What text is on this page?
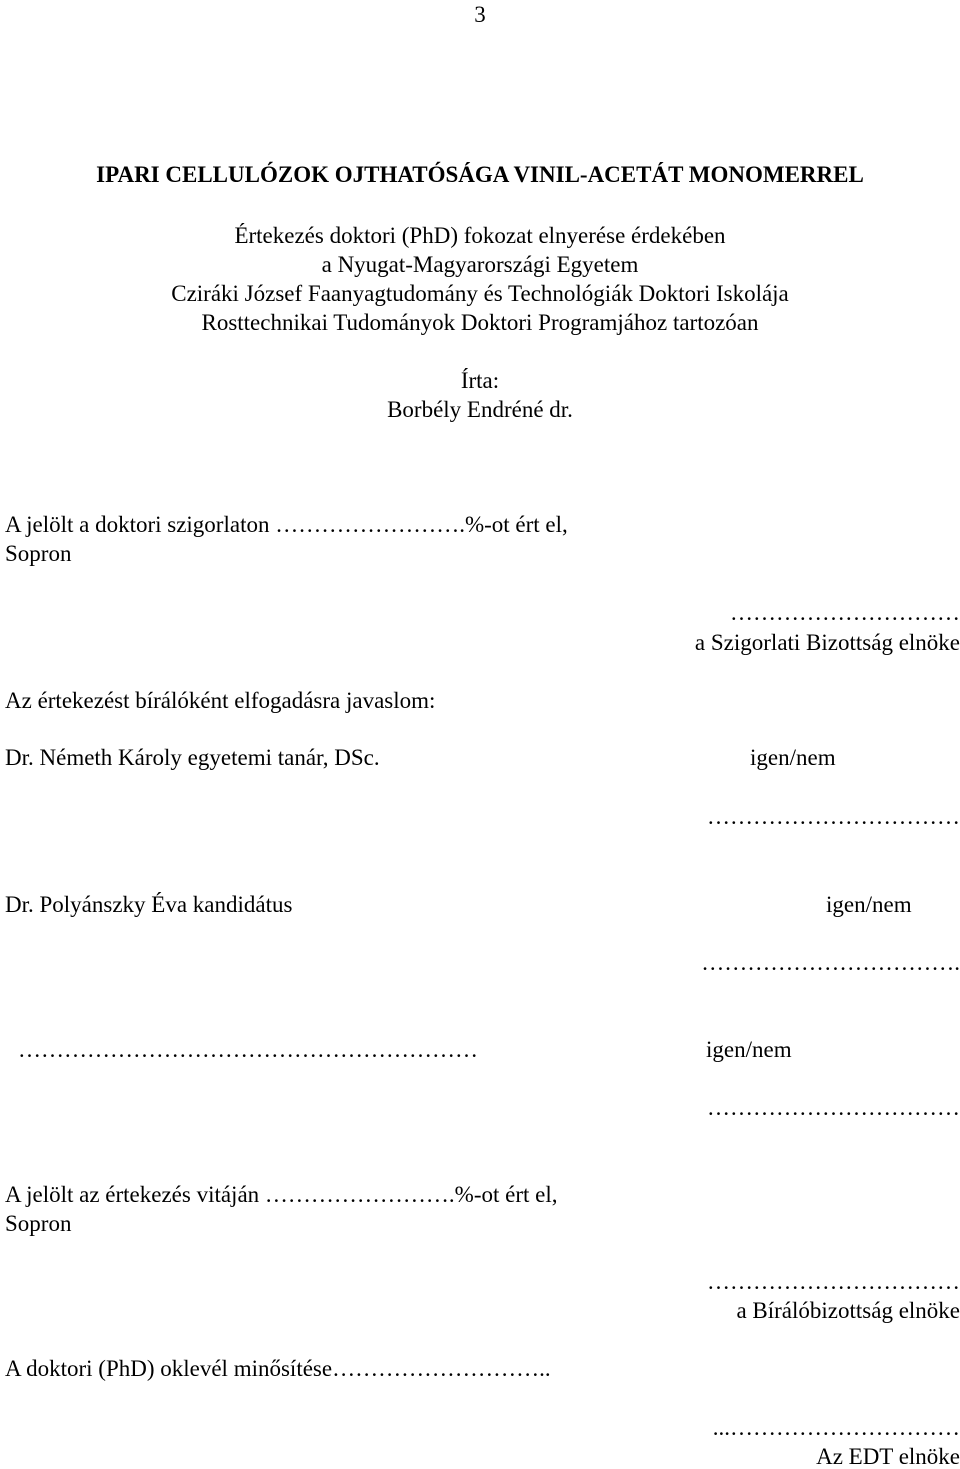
3
IPARI CELLULÓZOK OJTHATÓSÁGA VINIL-ACETÁT MONOMERREL
Értekezés doktori (PhD) fokozat elnyerése érdekében
a Nyugat-Magyarországi Egyetem
Cziráki József Faanyagtudomány és Technológiák Doktori Iskolája
Rosttechnikai Tudományok Doktori Programjához tartozóan
Írta:
Borbély Endréné dr.
A jelölt a doktori szigorlaton …………………….%-ot ért el,
Sopron
…………………………
a Szigorlati Bizottság elnöke
Az értekezést bírálóként elfogadásra javaslom:
Dr. Németh Károly egyetemi tanár, DSc.	igen/nem
……………………………
Dr. Polyánszky Éva kandidátus	igen/nem
…………………………….
……………………………………………………	igen/nem
……………………………
A jelölt az értekezés vitáján …………………….%-ot ért el,
Sopron
……………………………
a Bírálóbizottság elnöke
A doktori (PhD) oklevél minősítése………………………..
...…………………………
Az EDT elnöke
